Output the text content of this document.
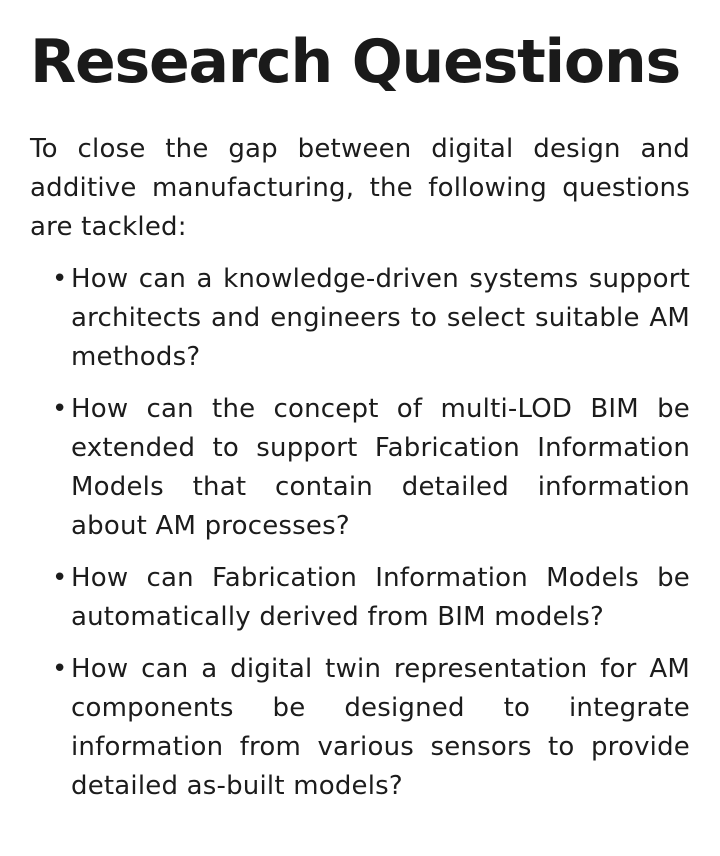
Research Questions

To close the gap between digital design and additive manufacturing, the following questions are tackled:

• How can a knowledge-driven systems support architects and engineers to select suitable AM methods?
• How can the concept of multi-LOD BIM be extended to support Fabrication Information Models that contain detailed information about AM processes?
• How can Fabrication Information Models be automatically derived from BIM models?
• How can a digital twin representation for AM components be designed to integrate information from various sensors to provide detailed as-built models?
